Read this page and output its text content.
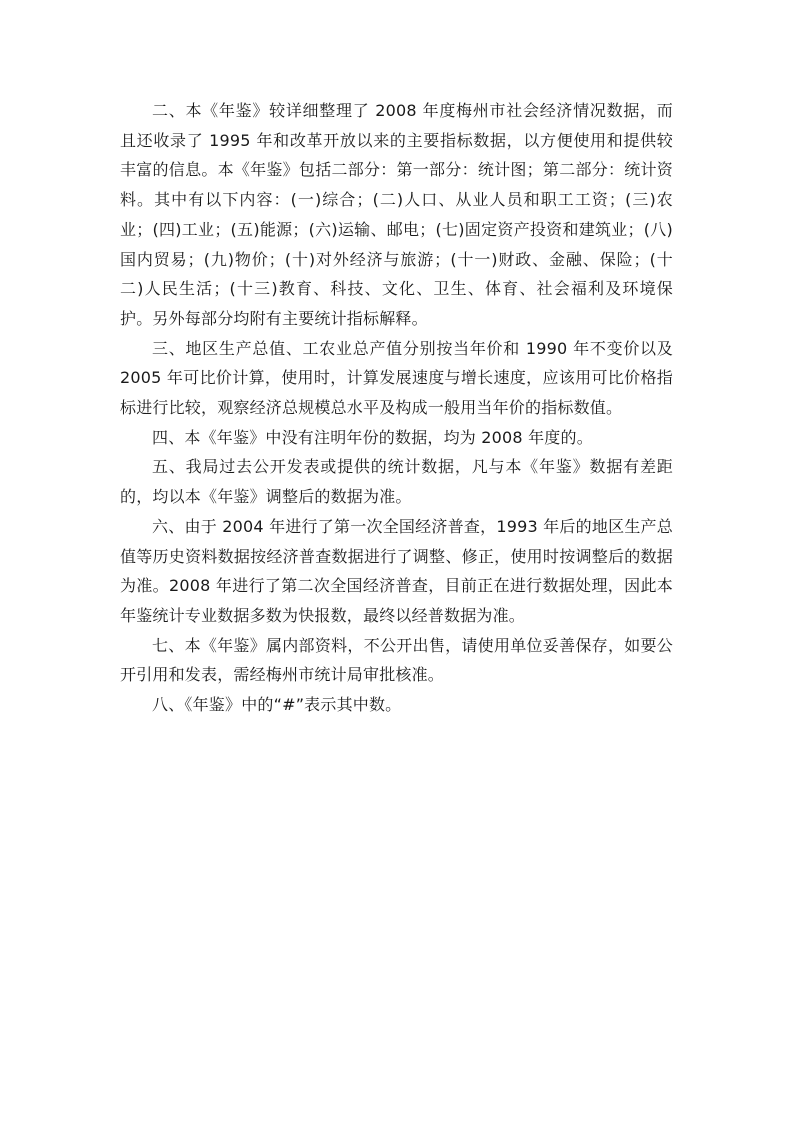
二、本《年鉴》较详细整理了 2008 年度梅州市社会经济情况数据，而且还收录了 1995 年和改革开放以来的主要指标数据，以方便使用和提供较丰富的信息。本《年鉴》包括二部分：第一部分：统计图；第二部分：统计资料。其中有以下内容：(一)综合；(二)人口、从业人员和职工工资；(三)农业；(四)工业；(五)能源；(六)运输、邮电；(七)固定资产投资和建筑业；(八)国内贸易；(九)物价；(十)对外经济与旅游；(十一)财政、金融、保险；(十二)人民生活；(十三)教育、科技、文化、卫生、体育、社会福利及环境保护。另外每部分均附有主要统计指标解释。

三、地区生产总值、工农业总产值分别按当年价和 1990 年不变价以及 2005 年可比价计算，使用时，计算发展速度与增长速度，应该用可比价格指标进行比较，观察经济总规模总水平及构成一般用当年价的指标数值。

四、本《年鉴》中没有注明年份的数据，均为 2008 年度的。

五、我局过去公开发表或提供的统计数据，凡与本《年鉴》数据有差距的，均以本《年鉴》调整后的数据为准。

六、由于 2004 年进行了第一次全国经济普查，1993 年后的地区生产总值等历史资料数据按经济普查数据进行了调整、修正，使用时按调整后的数据为准。2008 年进行了第二次全国经济普查，目前正在进行数据处理，因此本年鉴统计专业数据多数为快报数，最终以经普数据为准。

七、本《年鉴》属内部资料，不公开出售，请使用单位妥善保存，如要公开引用和发表，需经梅州市统计局审批核准。

八、《年鉴》中的“#”表示其中数。
